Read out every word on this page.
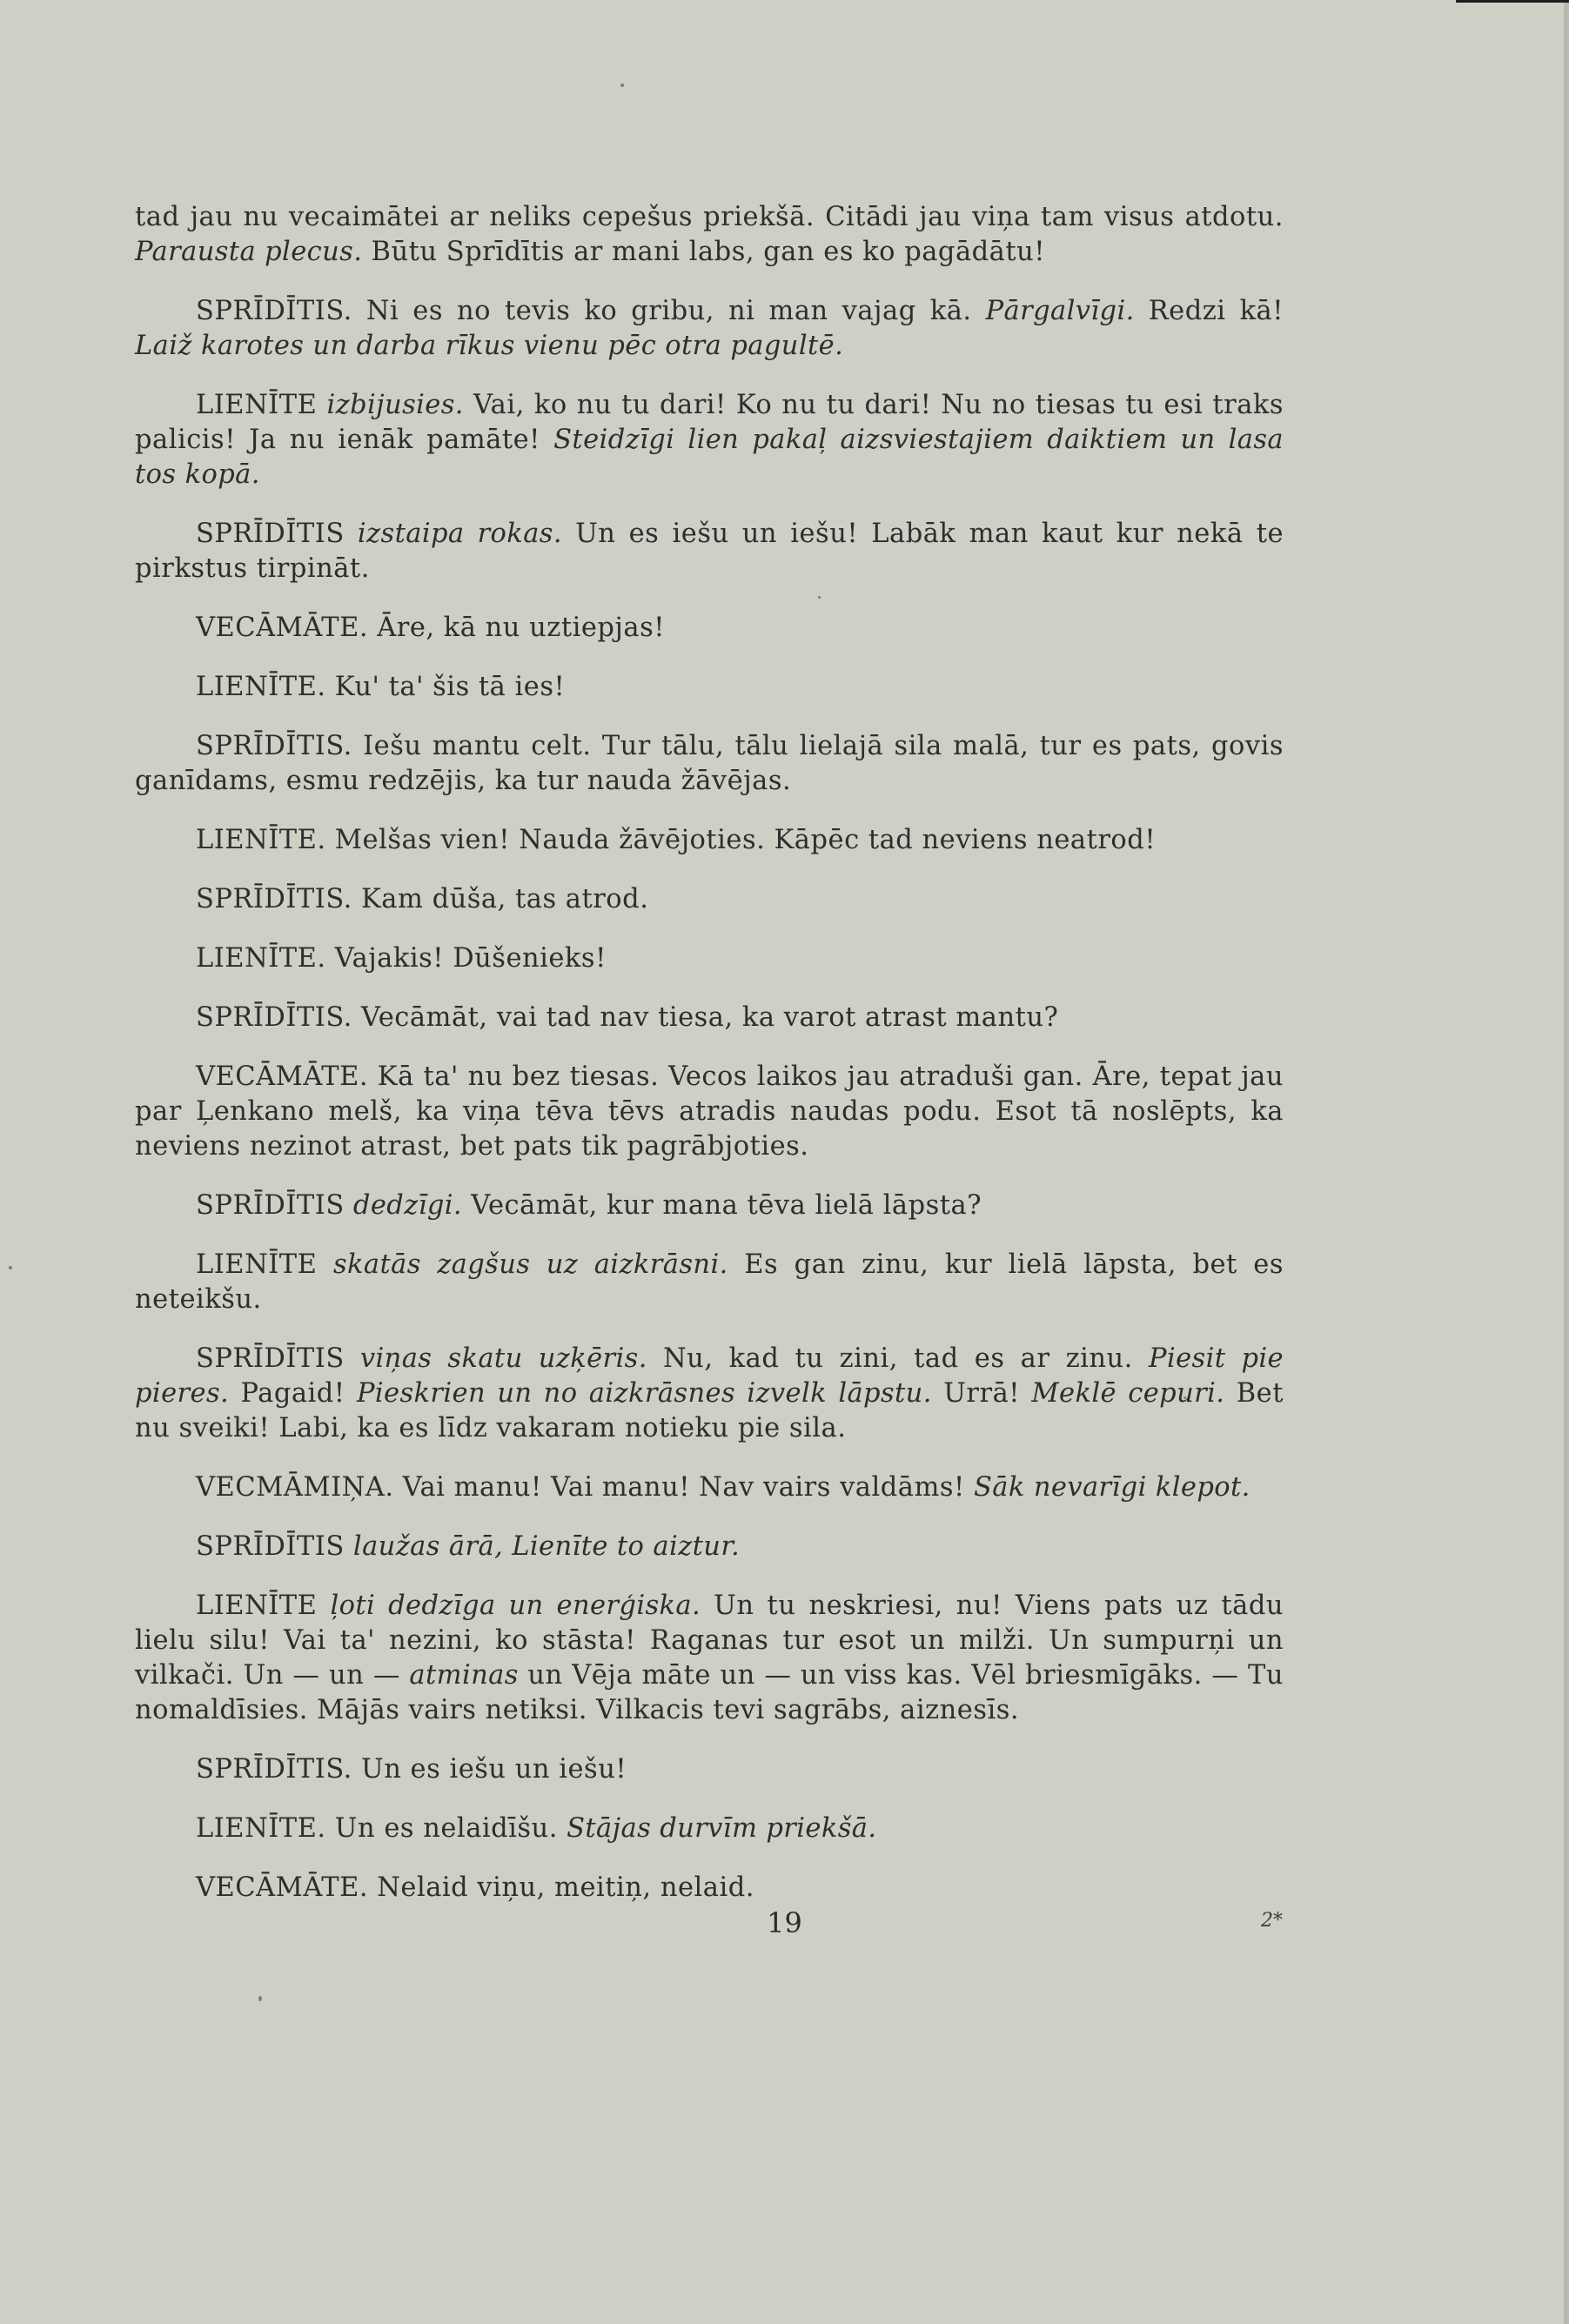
tad jau nu vecaimātei ar neliks cepešus priekšā. Citādi jau viņa tam visus atdotu. Parausta plecus. Būtu Sprīdītis ar mani labs, gan es ko pagādātu!

SPRĪDĪTIS. Ni es no tevis ko gribu, ni man vajag kā. Pārgalvīgi. Redzi kā! Laiž karotes un darba rīkus vienu pēc otra pagultē.

LIENĪTE izbijusies. Vai, ko nu tu dari! Ko nu tu dari! Nu no tiesas tu esi traks palicis! Ja nu ienāk pamāte! Steidzīgi lien pakaļ aizsviestajiem daiktiem un lasa tos kopā.

SPRĪDĪTIS izstaipa rokas. Un es iešu un iešu! Labāk man kaut kur nekā te pirkstus tirpināt.

VECĀMĀTE. Āre, kā nu uztiepjas!

LIENĪTE. Ku' ta' šis tā ies!

SPRĪDĪTIS. Iešu mantu celt. Tur tālu, tālu lielajā sila malā, tur es pats, govis ganīdams, esmu redzējis, ka tur nauda žāvējas.

LIENĪTE. Melšas vien! Nauda žāvējoties. Kāpēc tad neviens neatrod!

SPRĪDĪTIS. Kam dūša, tas atrod.

LIENĪTE. Vajakis! Dūšenieks!

SPRĪDĪTIS. Vecāmāt, vai tad nav tiesa, ka varot atrast mantu?

VECĀMĀTE. Kā ta' nu bez tiesas. Vecos laikos jau atraduši gan. Āre, tepat jau par Ļenkano melš, ka viņa tēva tēvs atradis naudas podu. Esot tā noslēpts, ka neviens nezinot atrast, bet pats tik pagrābjoties.

SPRĪDĪTIS dedzīgi. Vecāmāt, kur mana tēva lielā lāpsta?

LIENĪTE skatās zagšus uz aizkrāsni. Es gan zinu, kur lielā lāpsta, bet es neteikšu.

SPRĪDĪTIS viņas skatu uzķēris. Nu, kad tu zini, tad es ar zinu. Piesit pie pieres. Pagaid! Pieskrien un no aizkrāsnes izvelk lāpstu. Urrā! Meklē cepuri. Bet nu sveiki! Labi, ka es līdz vakaram notieku pie sila.

VECMĀMIŅA. Vai manu! Vai manu! Nav vairs valdāms! Sāk nevarīgi klepot.

SPRĪDĪTIS laužas ārā, Lienīte to aiztur.

LIENĪTE ļoti dedzīga un enerģiska. Un tu neskriesi, nu! Viens pats uz tādu lielu silu! Vai ta' nezini, ko stāsta! Raganas tur esot un milži. Un sumpurņi un vilkači. Un — un — atminas un Vēja māte un — un viss kas. Vēl briesmīgāks. — Tu nomaldīsies. Mājās vairs netiksi. Vilkacis tevi sagrābs, aiznesīs.

SPRĪDĪTIS. Un es iešu un iešu!

LIENĪTE. Un es nelaidīšu. Stājas durvīm priekšā.

VECĀMĀTE. Nelaid viņu, meitiņ, nelaid.

19	2*
